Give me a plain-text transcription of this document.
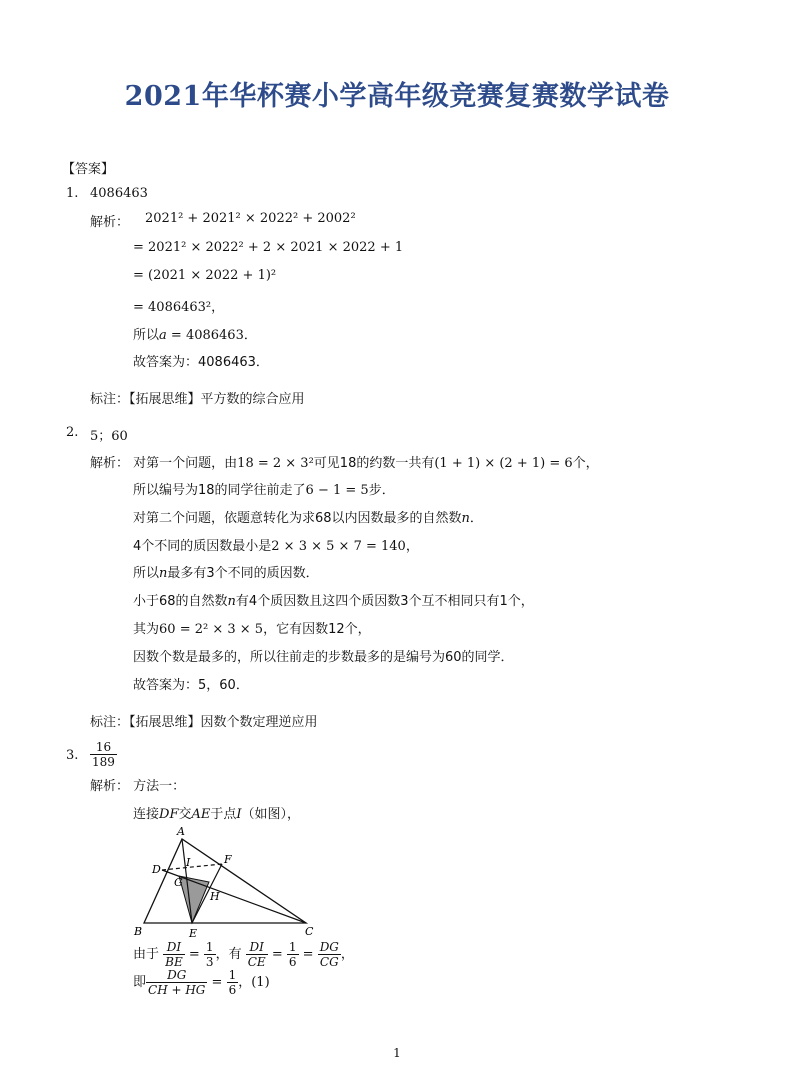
2021年华杯赛小学高年级竞赛复赛数学试卷
【答案】
1. 4086463
解析： 2021² + 2021² × 2022² + 2002²
= 2021² × 2022² + 2 × 2021 × 2022 + 1
= (2021 × 2022 + 1)²
= 4086463²，
所以a = 4086463．
故答案为：4086463．
标注：【拓展思维】平方数的综合应用
2. 5；60
解析： 对第一个问题，由18 = 2 × 3²可见18的约数一共有(1 + 1) × (2 + 1) = 6个，
所以编号为18的同学往前走了6 − 1 = 5步．
对第二个问题，依题意转化为求68以内因数最多的自然数n．
4个不同的质因数最小是2 × 3 × 5 × 7 = 140，
所以n最多有3个不同的质因数．
小于68的自然数n有4个质因数且这四个质因数3个互不相同只有1个，
其为60 = 2² × 3 × 5，它有因数12个，
因数个数是最多的，所以往前走的步数最多的是编号为60的同学．
故答案为：5，60．
标注：【拓展思维】因数个数定理逆应用
3. $\frac{16}{189}$
解析： 方法一：
连接DF交AE于点I（如图），
A
B	C
D
E
F
G
H
I
由于 $\frac{DI}{BE} = \frac{1}{3}$ ，有 $\frac{DI}{CE} = \frac{1}{6} = \frac{DG}{CG}$ ，
即 $\frac{DG}{CH + HG} = \frac{1}{6}$ ，(1)
1
